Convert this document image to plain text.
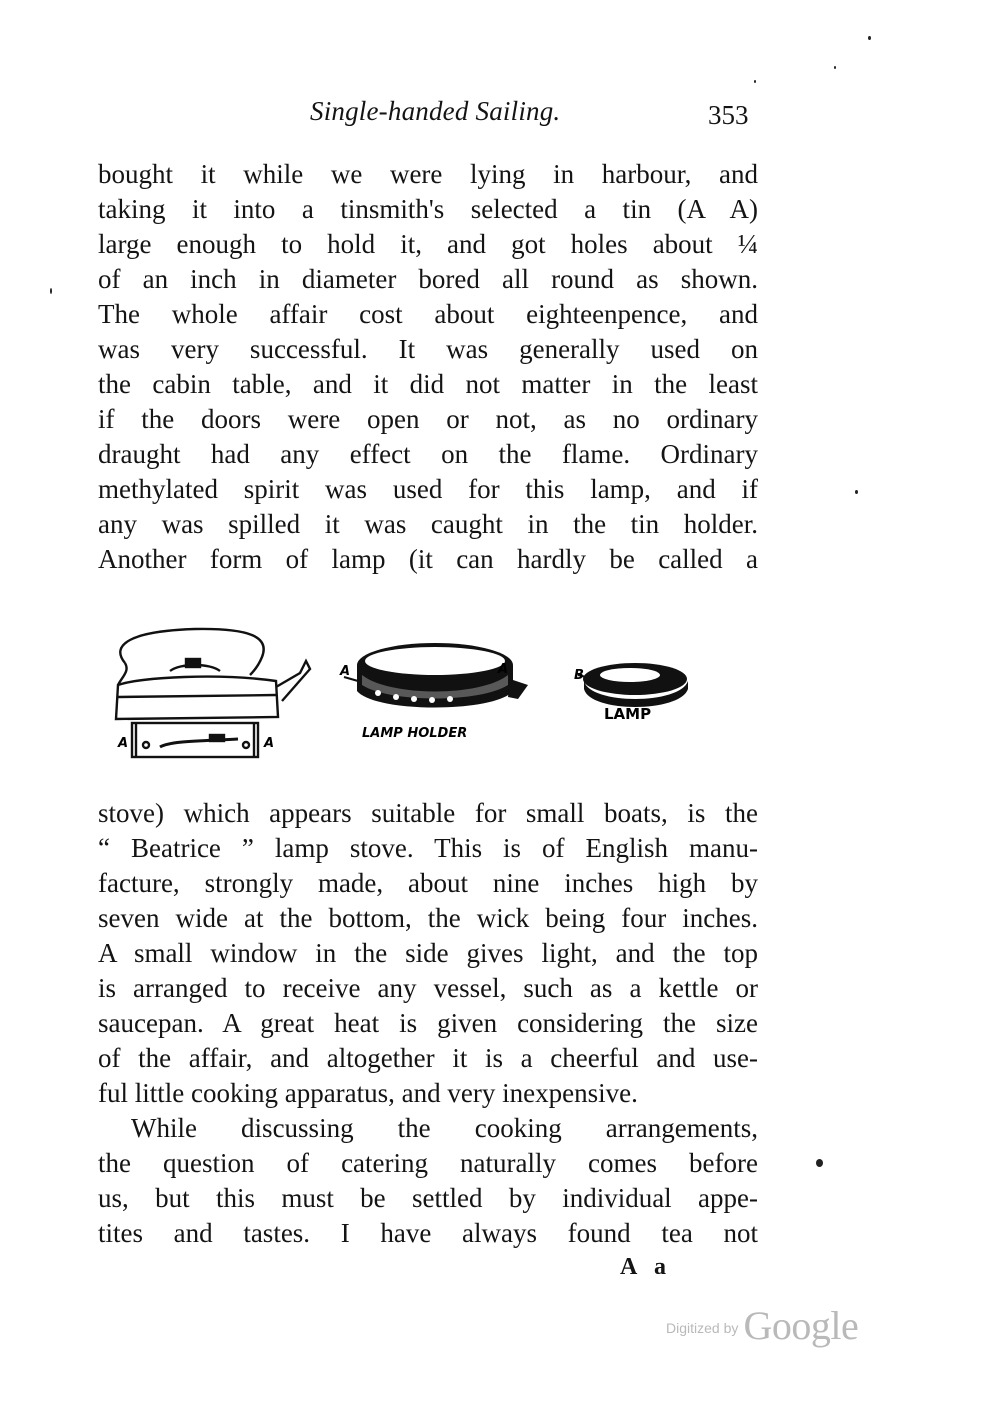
Single-handed Sailing.	353
bought it while we were lying in harbour, and
taking it into a tinsmith's selected a tin (A A)
large enough to hold it, and got holes about ¼
of an inch in diameter bored all round as shown.
The whole affair cost about eighteenpence, and
was very successful. It was generally used on
the cabin table, and it did not matter in the least
if the doors were open or not, as no ordinary
draught had any effect on the flame. Ordinary
methylated spirit was used for this lamp, and if
any was spilled it was caught in the tin holder.
Another form of lamp (it can hardly be called a
A	A
A	A
LAMP HOLDER
B
LAMP
stove) which appears suitable for small boats, is the
“ Beatrice ” lamp stove. This is of English manu-
facture, strongly made, about nine inches high by
seven wide at the bottom, the wick being four inches.
A small window in the side gives light, and the top
is arranged to receive any vessel, such as a kettle or
saucepan. A great heat is given considering the size
of the affair, and altogether it is a cheerful and use-
ful little cooking apparatus, and very inexpensive.
While discussing the cooking arrangements,
the question of catering naturally comes before
us, but this must be settled by individual appe-
tites and tastes. I have always found tea not
A a
Digitized by Google
